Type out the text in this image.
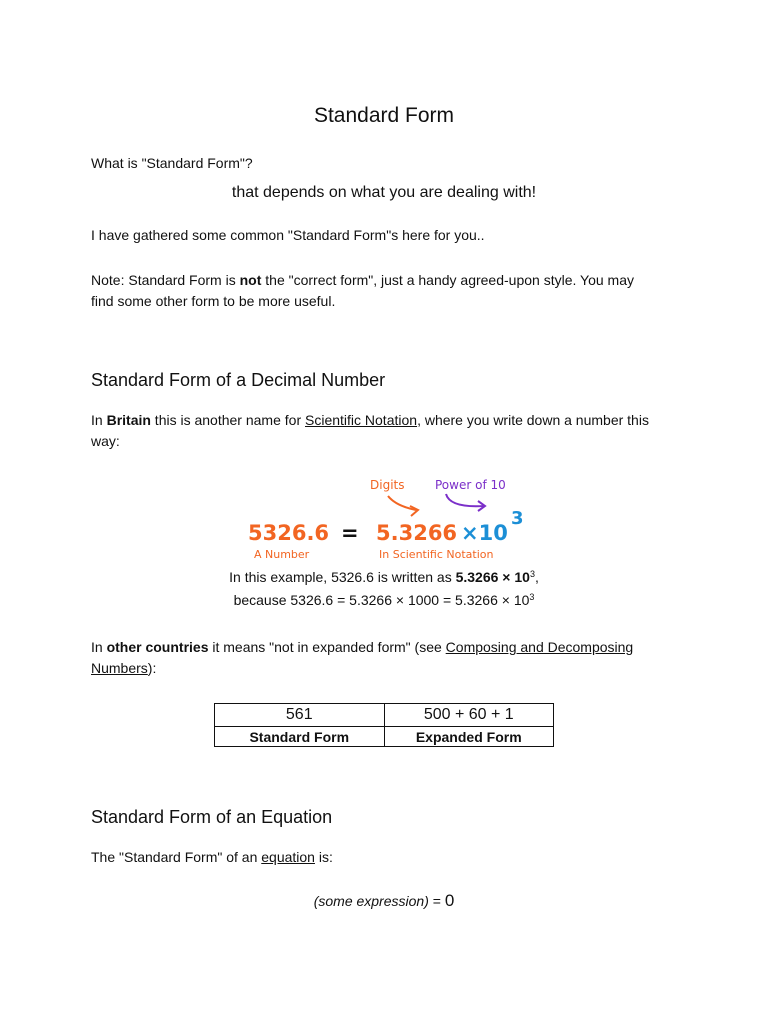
Standard Form
What is "Standard Form"?
that depends on what you are dealing with!
I have gathered some common "Standard Form"s here for you..
Note: Standard Form is not the "correct form", just a handy agreed-upon style. You may
find some other form to be more useful.
Standard Form of a Decimal Number
In Britain this is another name for Scientific Notation, where you write down a number this
way:
Digits	Power of 10
5326.6 = 5.3266 ×10
3
A Number	In Scientific Notation
In this example, 5326.6 is written as $5.3266 \times 10^3$,
because $5326.6 = 5.3266 \times 1000 = 5.3266 \times 10^3$
In other countries it means "not in expanded form" (see Composing and Decomposing
Numbers):
561	500 + 60 + 1
Standard Form	Expanded Form
Standard Form of an Equation
The "Standard Form" of an equation is:
(some expression) = 0
